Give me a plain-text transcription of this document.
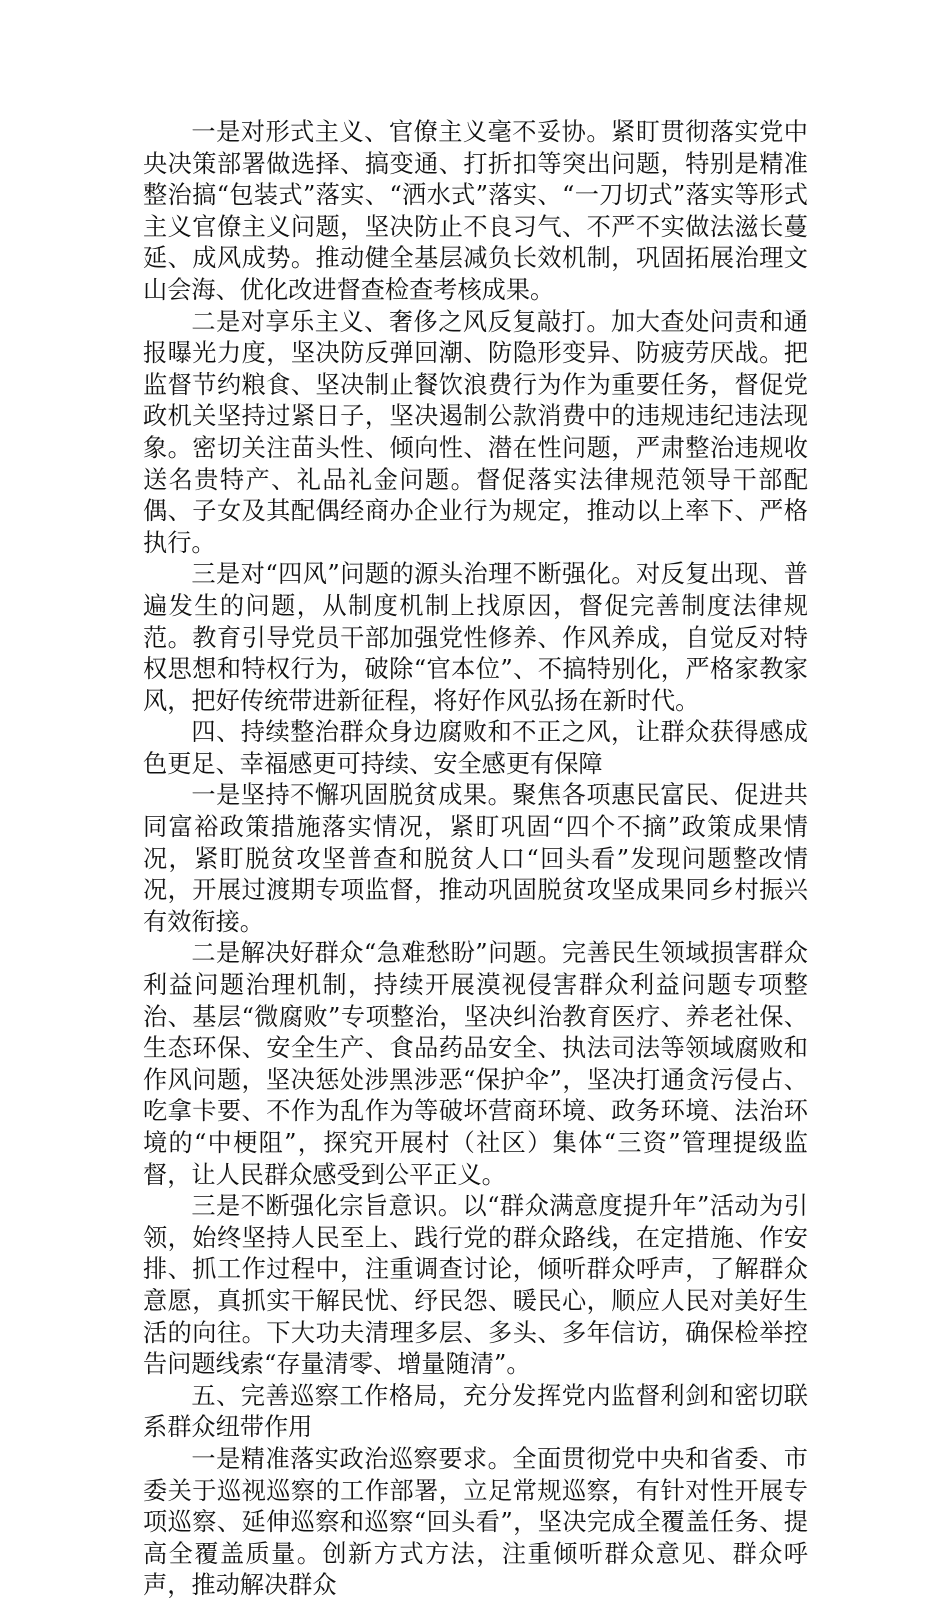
一是对形式主义、官僚主义毫不妥协。紧盯贯彻落实党中央决策部署做选择、搞变通、打折扣等突出问题，特别是精准整治搞“包装式”落实、“洒水式”落实、“一刀切式”落实等形式主义官僚主义问题，坚决防止不良习气、不严不实做法滋长蔓延、成风成势。推动健全基层减负长效机制，巩固拓展治理文山会海、优化改进督查检查考核成果。

二是对享乐主义、奢侈之风反复敲打。加大查处问责和通报曝光力度，坚决防反弹回潮、防隐形变异、防疲劳厌战。把监督节约粮食、坚决制止餐饮浪费行为作为重要任务，督促党政机关坚持过紧日子，坚决遏制公款消费中的违规违纪违法现象。密切关注苗头性、倾向性、潜在性问题，严肃整治违规收送名贵特产、礼品礼金问题。督促落实法律规范领导干部配偶、子女及其配偶经商办企业行为规定，推动以上率下、严格执行。

三是对“四风”问题的源头治理不断强化。对反复出现、普遍发生的问题，从制度机制上找原因，督促完善制度法律规范。教育引导党员干部加强党性修养、作风养成，自觉反对特权思想和特权行为，破除“官本位”、不搞特别化，严格家教家风，把好传统带进新征程，将好作风弘扬在新时代。

四、持续整治群众身边腐败和不正之风，让群众获得感成色更足、幸福感更可持续、安全感更有保障

一是坚持不懈巩固脱贫成果。聚焦各项惠民富民、促进共同富裕政策措施落实情况，紧盯巩固“四个不摘”政策成果情况，紧盯脱贫攻坚普查和脱贫人口“回头看”发现问题整改情况，开展过渡期专项监督，推动巩固脱贫攻坚成果同乡村振兴有效衔接。

二是解决好群众“急难愁盼”问题。完善民生领域损害群众利益问题治理机制，持续开展漠视侵害群众利益问题专项整治、基层“微腐败”专项整治，坚决纠治教育医疗、养老社保、生态环保、安全生产、食品药品安全、执法司法等领域腐败和作风问题，坚决惩处涉黑涉恶“保护伞”，坚决打通贪污侵占、吃拿卡要、不作为乱作为等破坏营商环境、政务环境、法治环境的“中梗阻”，探究开展村（社区）集体“三资”管理提级监督，让人民群众感受到公平正义。

三是不断强化宗旨意识。以“群众满意度提升年”活动为引领，始终坚持人民至上、践行党的群众路线，在定措施、作安排、抓工作过程中，注重调查讨论，倾听群众呼声，了解群众意愿，真抓实干解民忧、纾民怨、暖民心，顺应人民对美好生活的向往。下大功夫清理多层、多头、多年信访，确保检举控告问题线索“存量清零、增量随清”。

五、完善巡察工作格局，充分发挥党内监督利剑和密切联系群众纽带作用

一是精准落实政治巡察要求。全面贯彻党中央和省委、市委关于巡视巡察的工作部署，立足常规巡察，有针对性开展专项巡察、延伸巡察和巡察“回头看”，坚决完成全覆盖任务、提高全覆盖质量。创新方式方法，注重倾听群众意见、群众呼声，推动解决群众
